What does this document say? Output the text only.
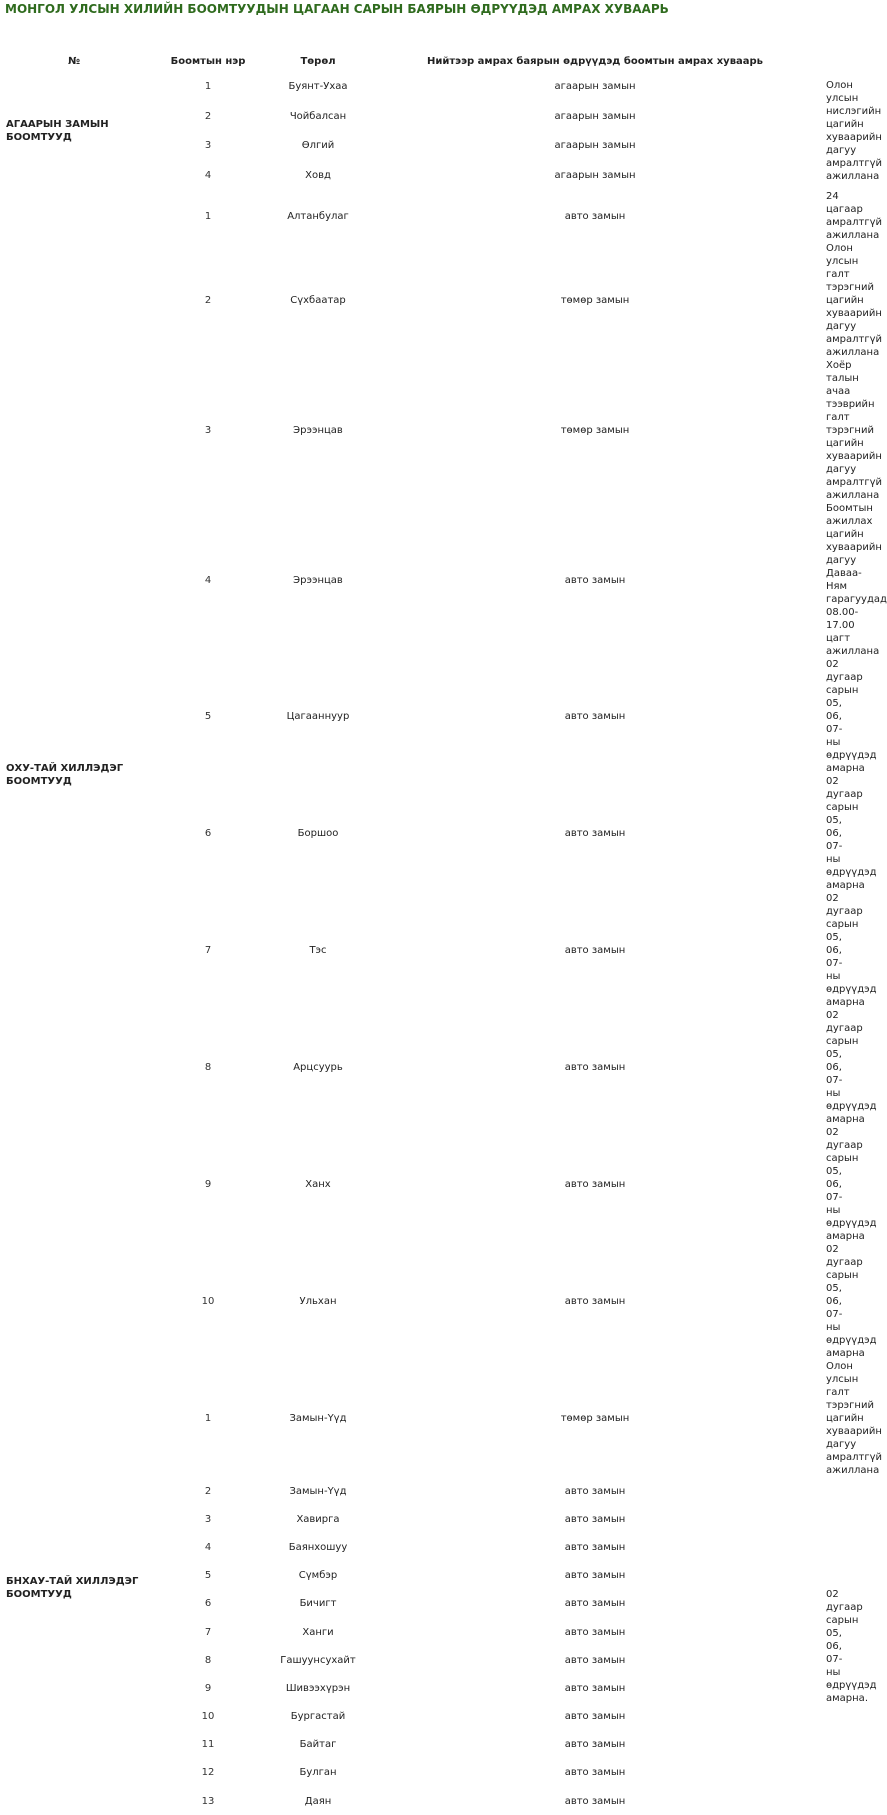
МОНГОЛ УЛСЫН ХИЛИЙН БООМТУУДЫН ЦАГААН САРЫН БАЯРЫН ӨДРҮҮДЭД АМРАХ ХУВААРЬ
№		Боомтын нэр	Төрөл	Нийтээр амрах баярын өдрүүдэд боомтын амрах хуваарь	
АГААРЫН ЗАМЫН БООМТУУД	1	Буянт-Ухаа	агаарын замын	Олон улсын нислэгийн цагийн хуваарийн дагуу амралтгүй ажиллана
	2	Чойбалсан	агаарын замын	
	3	Өлгий	агаарын замын	
	4	Ховд	агаарын замын	
ОХУ-ТАЙ ХИЛЛЭДЭГ БООМТУУД	1	Алтанбулаг	авто замын	24 цагаар амралтгүй ажиллана
	2	Сүхбаатар	төмөр замын	Олон улсын галт тэрэгний цагийн хуваарийн дагуу амралтгүй ажиллана
	3	Эрээнцав	төмөр замын	Хоёр талын ачаа тээврийн галт тэрэгний цагийн хуваарийн дагуу амралтгүй ажиллана
	4	Эрээнцав	авто замын	Боомтын ажиллах цагийн хуваарийн дагуу Даваа-Ням гарагуудад 08.00-17.00 цагт ажиллана
	5	Цагааннуур	авто замын	02 дугаар сарын 05, 06, 07-ны өдрүүдэд амарна
	6	Боршоо	авто замын	02 дугаар сарын 05, 06, 07-ны өдрүүдэд амарна
	7	Тэс	авто замын	02 дугаар сарын 05, 06, 07-ны өдрүүдэд амарна
	8	Арцсуурь	авто замын	02 дугаар сарын 05, 06, 07-ны өдрүүдэд амарна
	9	Ханх	авто замын	02 дугаар сарын 05, 06, 07-ны өдрүүдэд амарна
	10	Ульхан	авто замын	02 дугаар сарын 05, 06, 07-ны өдрүүдэд амарна
БНХАУ-ТАЙ ХИЛЛЭДЭГ БООМТУУД	1	Замын-Үүд	төмөр замын	Олон улсын галт тэрэгний цагийн хуваарийн дагуу амралтгүй ажиллана
	2	Замын-Үүд	авто замын	02 дугаар сарын 05, 06, 07-ны өдрүүдэд амарна.
	3	Хавирга	авто замын	
	4	Баянхошуу	авто замын	
	5	Сүмбэр	авто замын	
	6	Бичигт	авто замын	
	7	Ханги	авто замын	
	8	Гашуунсухайт	авто замын	
	9	Шивээхүрэн	авто замын	
	10	Бургастай	авто замын	
	11	Байтаг	авто замын	
	12	Булган	авто замын	
	13	Даян	авто замын	
